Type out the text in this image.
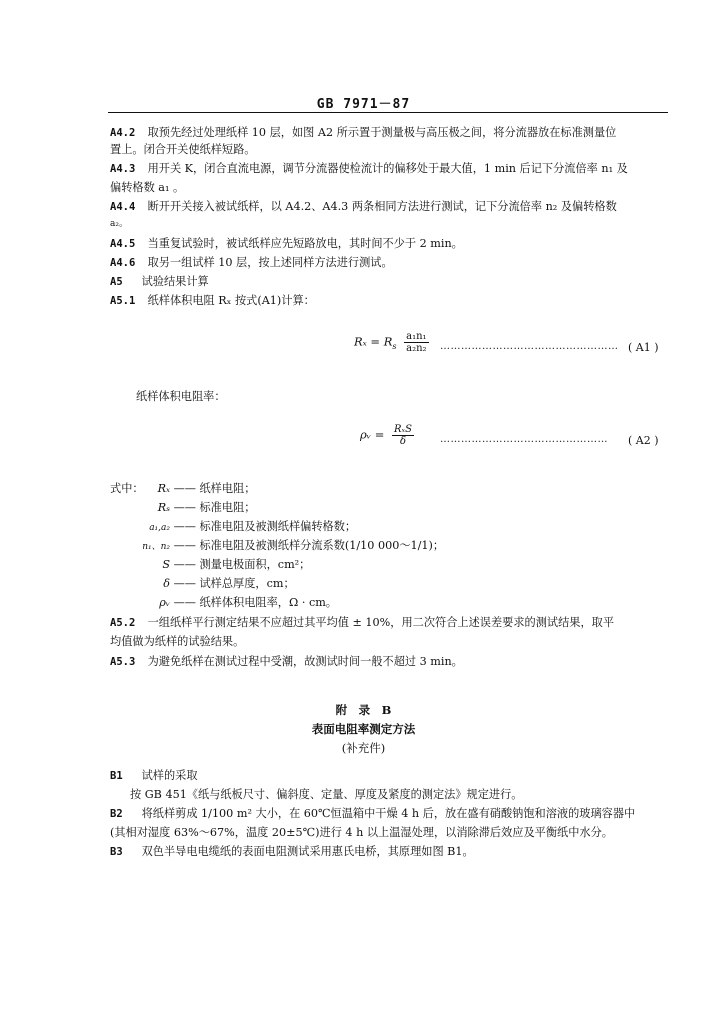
GB 7971－87
A4.2 取预先经过处理纸样 10 层，如图 A2 所示置于测量极与高压极之间，将分流器放在标准测量位
置上。闭合开关使纸样短路。
A4.3 用开关 K，闭合直流电源，调节分流器使检流计的偏移处于最大值，1 min 后记下分流倍率 n₁ 及
偏转格数 a₁ 。
A4.4 断开开关接入被试纸样，以 A4.2、A4.3 两条相同方法进行测试，记下分流倍率 n₂ 及偏转格数
a₂。
A4.5 当重复试验时，被试纸样应先短路放电，其时间不少于 2 min。
A4.6 取另一组试样 10 层，按上述同样方法进行测试。
A5 试验结果计算
A5.1 纸样体积电阻 Rₓ 按式(A1)计算：
$R_x = R_s \frac{\text{a₁n₁}}{\text{a₂n₂}}$ …………………………………………… ( A1 )
纸样体积电阻率：
ρᵥ = $\frac{\text{RₓS}}{\delta}$	………………………………………… ( A2 )
式中：	Rₓ —— 纸样电阻；
Rₛ —— 标准电阻；
a₁,a₂ —— 标准电阻及被测纸样偏转格数；
n₁、n₂ —— 标准电阻及被测纸样分流系数(1/10 000～1/1)；
S —— 测量电极面积，cm²；
δ —— 试样总厚度，cm；
ρᵥ —— 纸样体积电阻率，Ω · cm。
A5.2 一组纸样平行测定结果不应超过其平均值 ± 10%，用二次符合上述误差要求的测试结果，取平
均值做为纸样的试验结果。
A5.3 为避免纸样在测试过程中受潮，故测试时间一般不超过 3 min。
附　录　B
表面电阻率测定方法
(补充件)
B1 试样的采取
按 GB 451《纸与纸板尺寸、偏斜度、定量、厚度及紧度的测定法》规定进行。
B2 将纸样剪成 1/100 m² 大小，在 60℃恒温箱中干燥 4 h 后，放在盛有硝酸钠饱和溶液的玻璃容器中
(其相对湿度 63%～67%，温度 20±5℃)进行 4 h 以上温湿处理，以消除滞后效应及平衡纸中水分。
B3 双色半导电电缆纸的表面电阻测试采用惠氏电桥，其原理如图 B1。
